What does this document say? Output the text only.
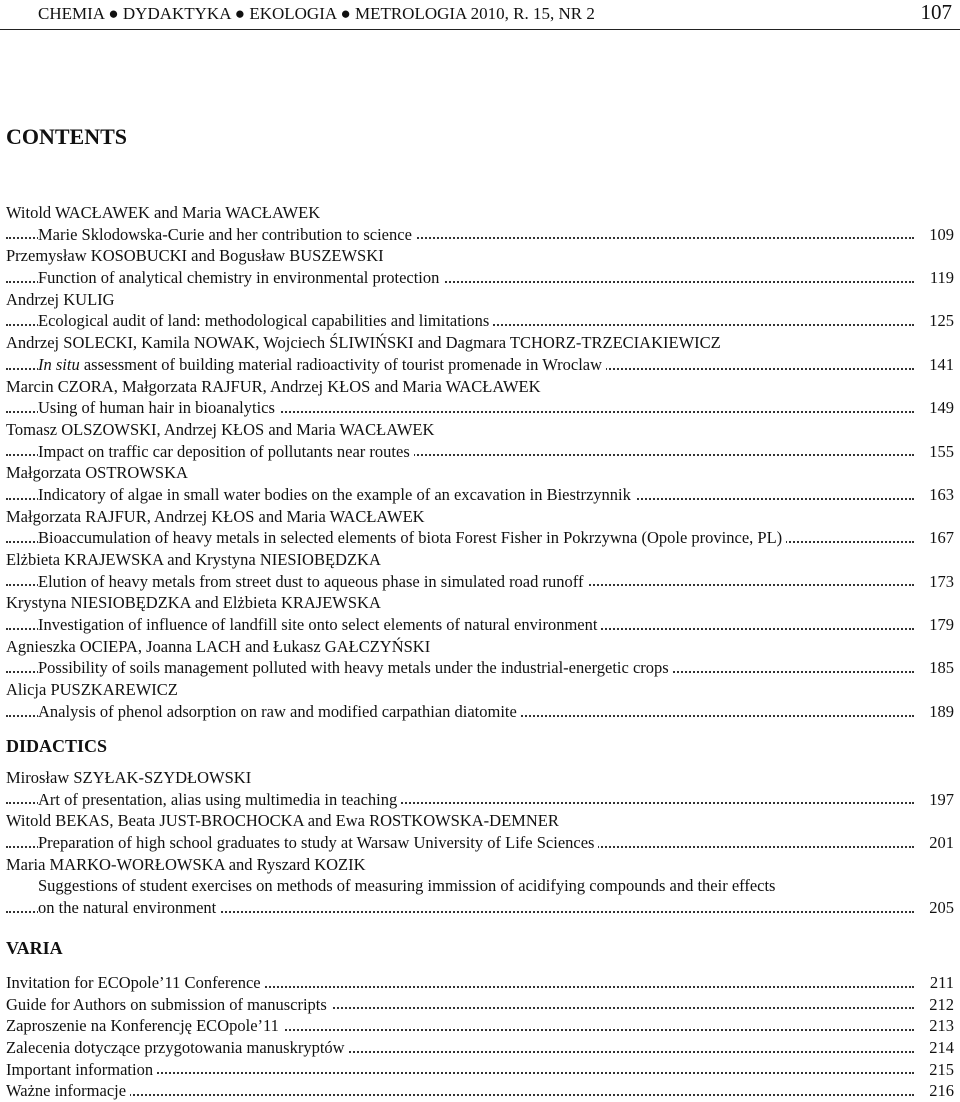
CHEMIA ● DYDAKTYKA ● EKOLOGIA ● METROLOGIA 2010, R. 15, NR 2	107
CONTENTS
Witold WACŁAWEK and Maria WACŁAWEK
Marie Sklodowska-Curie and her contribution to science	109
Przemysław KOSOBUCKI and Bogusław BUSZEWSKI
Function of analytical chemistry in environmental protection	119
Andrzej KULIG
Ecological audit of land: methodological capabilities and limitations	125
Andrzej SOLECKI, Kamila NOWAK, Wojciech ŚLIWIŃSKI and Dagmara TCHORZ-TRZECIAKIEWICZ
In situ assessment of building material radioactivity of tourist promenade in Wroclaw	141
Marcin CZORA, Małgorzata RAJFUR, Andrzej KŁOS and Maria WACŁAWEK
Using of human hair in bioanalytics	149
Tomasz OLSZOWSKI, Andrzej KŁOS and Maria WACŁAWEK
Impact on traffic car deposition of pollutants near routes	155
Małgorzata OSTROWSKA
Indicatory of algae in small water bodies on the example of an excavation in Biestrzynnik	163
Małgorzata RAJFUR, Andrzej KŁOS and Maria WACŁAWEK
Bioaccumulation of heavy metals in selected elements of biota Forest Fisher in Pokrzywna (Opole province, PL)	167
Elżbieta KRAJEWSKA and Krystyna NIESIOBĘDZKA
Elution of heavy metals from street dust to aqueous phase in simulated road runoff	173
Krystyna NIESIOBĘDZKA and Elżbieta KRAJEWSKA
Investigation of influence of landfill site onto select elements of natural environment	179
Agnieszka OCIEPA, Joanna LACH and Łukasz GAŁCZYŃSKI
Possibility of soils management polluted with heavy metals under the industrial-energetic crops	185
Alicja PUSZKAREWICZ
Analysis of phenol adsorption on raw and modified carpathian diatomite	189
DIDACTICS
Mirosław SZYŁAK-SZYDŁOWSKI
Art of presentation, alias using multimedia in teaching	197
Witold BEKAS, Beata JUST-BROCHOCKA and Ewa ROSTKOWSKA-DEMNER
Preparation of high school graduates to study at Warsaw University of Life Sciences	201
Maria MARKO-WORŁOWSKA and Ryszard KOZIK
Suggestions of student exercises on methods of measuring immission of acidifying compounds and their effects
on the natural environment	205
VARIA
Invitation for ECOpole’11 Conference	211
Guide for Authors on submission of manuscripts	212
Zaproszenie na Konferencję ECOpole’11	213
Zalecenia dotyczące przygotowania manuskryptów	214
Important information	215
Ważne informacje	216
